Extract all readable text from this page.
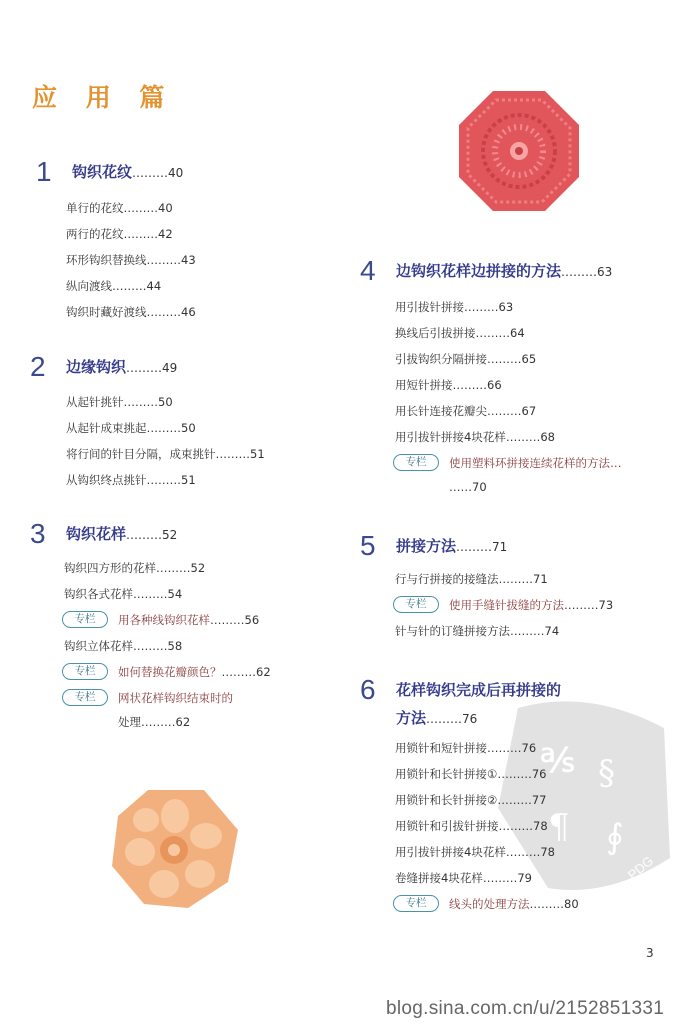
应 用 篇
℁ §
¶ ∮
PDG
1 钩织花纹………40
单行的花纹………40
两行的花纹………42
环形钩织替换线………43
纵向渡线………44
钩织时藏好渡线………46
2 边缘钩织………49
从起针挑针………50
从起针成束挑起………50
将行间的针目分隔，成束挑针………51
从钩织终点挑针………51
3 钩织花样………52
钩织四方形的花样………52
钩织各式花样………54
专栏 用各种线钩织花样………56
钩织立体花样………58
专栏 如何替换花瓣颜色？………62
专栏 网状花样钩织结束时的
处理………62
4 边钩织花样边拼接的方法………63
用引拔针拼接………63
换线后引拔拼接………64
引拔钩织分隔拼接………65
用短针拼接………66
用长针连接花瓣尖………67
用引拔针拼接4块花样………68
专栏 使用塑料环拼接连续花样的方法…
……70
5 拼接方法………71
行与行拼接的接缝法………71
专栏 使用手缝针拔缝的方法………73
针与针的订缝拼接方法………74
6 花样钩织完成后再拼接的
方法………76
用锁针和短针拼接………76
用锁针和长针拼接①………76
用锁针和长针拼接②………77
用锁针和引拔针拼接………78
用引拔针拼接4块花样………78
卷缝拼接4块花样………79
专栏 线头的处理方法………80
3
blog.sina.com.cn/u/2152851331
